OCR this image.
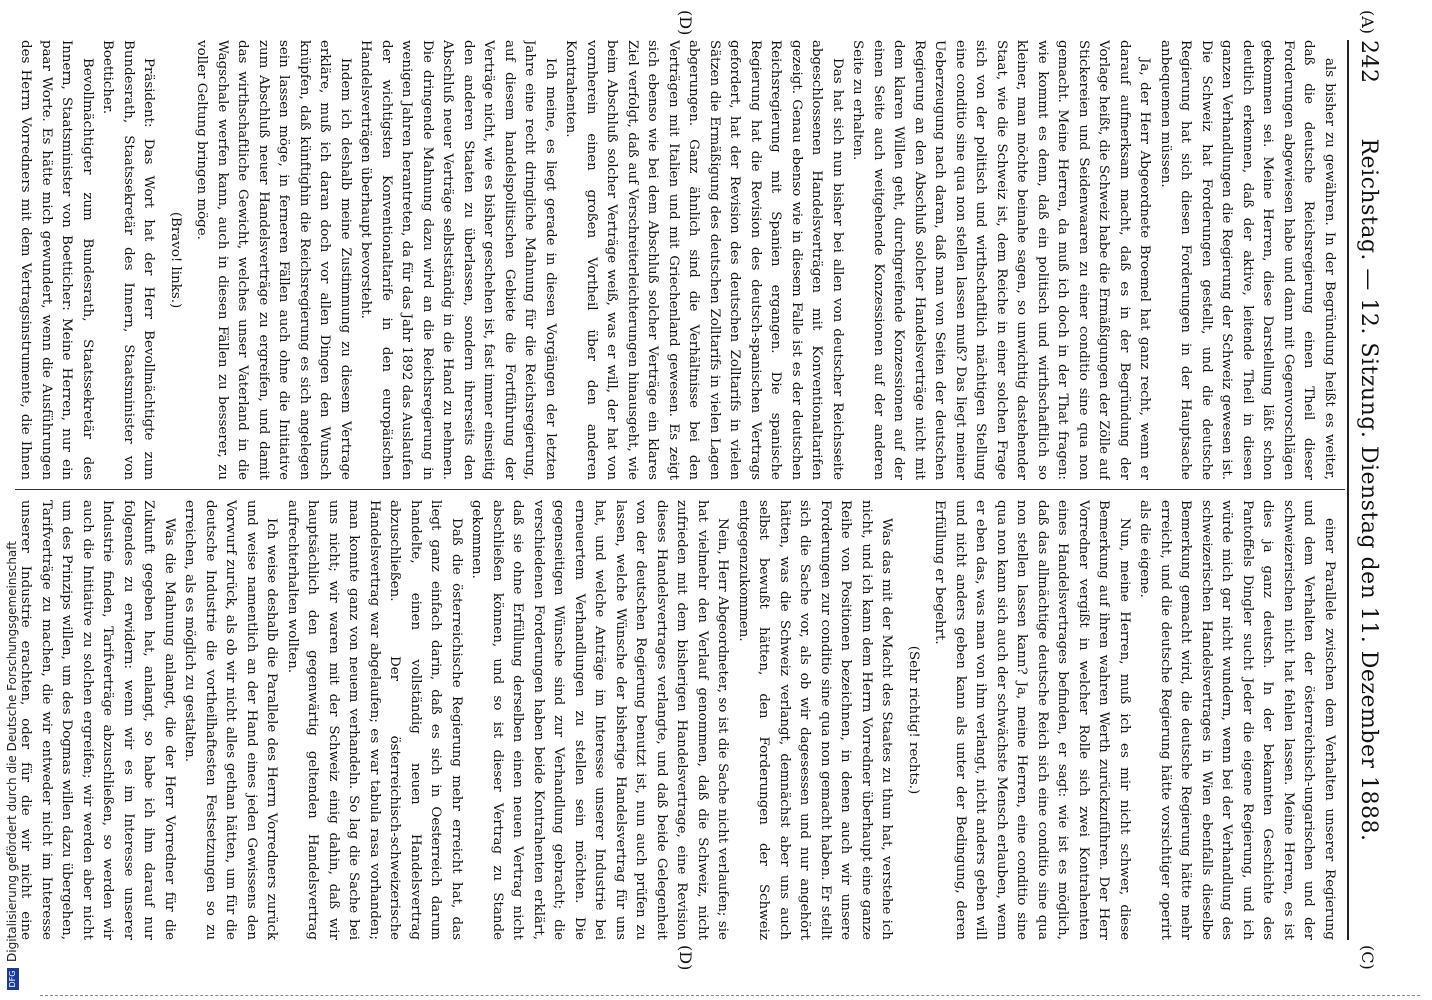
242
Reichstag. — 12. Sitzung. Dienstag den 11. Dezember 1888.
(A)
(C)
(D)
(D)

als bisher zu gewähren. In der Begründung heißt es weiter, daß die deutsche Reichsregierung einen Theil dieser Forderungen abgewiesen habe und dann mit Gegenvorschlägen gekommen sei. Meine Herren, diese Darstellung läßt schon deutlich erkennen, daß der aktive, leitende Theil in diesen ganzen Verhandlungen die Regierung der Schweiz gewesen ist. Die Schweiz hat Forderungen gestellt, und die deutsche Regierung hat sich diesen Forderungen in der Hauptsache anbequemen müssen.

Ja, der Herr Abgeordnete Broemel hat ganz recht, wenn er darauf aufmerksam macht, daß es in der Begründung der Vorlage heißt, die Schweiz habe die Ermäßigungen der Zölle auf Stickereien und Seidenwaaren zu einer conditio sine qua non gemacht. Meine Herren, da muß ich doch in der That fragen: wie kommt es denn, daß ein politisch und wirthschaftlich so kleiner, man möchte beinahe sagen, so unwichtig dastehender Staat, wie die Schweiz ist, dem Reiche in einer solchen Frage sich von der politisch und wirthschaftlich mächtigen Stellung eine conditio sine qua non stellen lassen muß? Das liegt meiner Ueberzeugung nach daran, daß man von Seiten der deutschen Regierung an den Abschluß solcher Handelsverträge nicht mit dem klaren Willen geht, durchgreifende Konzessionen auf der einen Seite auch weitgehende Konzessionen auf der anderen Seite zu erhalten.

Das hat sich nun bisher bei allen von deutscher Reichsseite abgeschlossenen Handelsverträgen mit Konventionaltarifen gezeigt. Genau ebenso wie in diesem Falle ist es der deutschen Reichsregierung mit Spanien ergangen. Die spanische Regierung hat die Revision des deutsch-spanischen Vertrags gefordert, hat der Revision des deutschen Zolltarifs in vielen Sätzen die Ermäßigung des deutschen Zolltarifs in vielen Lagen abgerungen. Ganz ähnlich sind die Verhältnisse bei den Verträgen mit Italien und mit Griechenland gewesen. Es zeigt sich ebenso wie bei dem Abschluß solcher Verträge ein klares Ziel verfolgt, daß auf Verschreiterleichterungen hinausgeht, wie beim Abschluß solcher Verträge weiß, was er will, der hat von vornherein einen großen Vortheil über den anderen Kontrahenten.

Ich meine, es liegt gerade in diesen Vorgängen der letzten Jahre eine recht dringliche Mahnung für die Reichsregierung, auf diesem handelspolitischen Gebiete die Fortführung der Verträge nicht, wie es bisher geschehen ist, fast immer einseitig den anderen Staaten zu überlassen, sondern ihrerseits den Abschluß neuer Verträge selbstständig in die Hand zu nehmen. Die dringende Mahnung dazu wird an die Reichsregierung in wenigen Jahren herantreten, da für das Jahr 1892 das Auslaufen der wichtigsten Konventionaltarife in den europäischen Handelsverträgen überhaupt bevorsteht.

Indem ich deshalb meine Zustimmung zu diesem Vertrage erkläre, muß ich daran doch vor allen Dingen den Wunsch knüpfen, daß künftighin die Reichsregierung es sich angelegen sein lassen möge, in ferneren Fällen auch ohne die Initiative zum Abschluß neuer Handelsverträge zu ergreifen, und damit das wirthschaftliche Gewicht, welches unser Vaterland in die Wagschale werfen kann, auch in diesen Fällen zu besserer, zu voller Geltung bringen möge.

(Bravo! links.)

Präsident: Das Wort hat der Herr Bevollmächtigte zum Bundesrath, Staatssekretär des Innern, Staatsminister von Boetticher.

Bevollmächtigter zum Bundesrath, Staatssekretär des Innern, Staatsminister von Boetticher: Meine Herren, nur ein paar Worte. Es hätte mich gewundert, wenn die Ausführungen des Herrn Vorredners mit dem Vertragsinstrumente, die Ihnen

einer Parallele zwischen dem Verhalten unserer Regierung und dem Verhalten der österreichisch-ungarischen und der schweizerischen nicht hat fehlen lassen. Meine Herren, es ist dies ja ganz deutsch. In der bekannten Geschichte des Pantoffels Dingler sucht Jeder die eigene Regierung, und ich würde mich gar nicht wundern, wenn bei der Verhandlung des schweizerischen Handelsvertrages in Wien ebenfalls dieselbe Bemerkung gemacht wird, die deutsche Regierung hätte mehr erreicht, und die deutsche Regierung hätte vorsichtiger operirt als die eigene.

Nun, meine Herren, muß ich es mir nicht schwer, diese Bemerkung auf ihren wahren Werth zurückzuführen. Der Herr Vorredner vergißt in welcher Rolle sich zwei Kontrahenten eines Handelsvertrages befinden, er sagt: wie ist es möglich, daß das allmächtige deutsche Reich sich eine conditio sine qua non stellen lassen kann? Ja, meine Herren, eine conditio sine qua non kann sich auch der schwächste Mensch erlauben, wenn er eben das, was man von ihm verlangt, nicht anders geben will und nicht anders geben kann als unter der Bedingung, deren Erfüllung er begehrt.

(Sehr richtig! rechts.)

Was das mit der Macht des Staates zu thun hat, verstehe ich nicht, und ich kann dem Herrn Vorredner überhaupt eine ganze Reihe von Positionen bezeichnen, in denen auch wir unsere Forderungen zur conditio sine qua non gemacht haben. Er stellt sich die Sache vor, als ob wir dagesessen und nur angehört hätten, was die Schweiz verlangt, demnächst aber uns auch selbst bewußt hätten, den Forderungen der Schweiz entgegenzukommen.

Nein, Herr Abgeordneter, so ist die Sache nicht verlaufen; sie hat vielmehr den Verlauf genommen, daß die Schweiz, nicht zufrieden mit dem bisherigen Handelsvertrage, eine Revision dieses Handelsvertrages verlangte, und daß beide Gelegenheit von der deutschen Regierung benutzt ist, nun auch prüfen zu lassen, welche Wünsche der bisherige Handelsvertrag für uns hat, und welche Anträge im Interesse unserer Industrie bei erneuertem Verhandlungen zu stellen sein möchten. Die gegenseitigen Wünsche sind zur Verhandlung gebracht; die verschiedenen Forderungen haben beide Kontrahenten erklärt, daß sie ohne Erfüllung derselben einen neuen Vertrag nicht abschließen können, und so ist dieser Vertrag zu Stande gekommen.

Daß die österreichische Regierung mehr erreicht hat, das liegt ganz einfach darin, daß es sich in Oesterreich darum handelte, einen vollständig neuen Handelsvertrag abzuschließen. Der österreichisch-schweizerische Handelsvertrag war abgelaufen; es war tabula rasa vorhanden; man konnte ganz von neuem verhandeln. So lag die Sache bei uns nicht; wir waren mit der Schweiz einig dahin, daß wir hauptsächlich den gegenwärtig geltenden Handelsvertrag aufrechterhalten wollten.

Ich weise deshalb die Parallele des Herrn Vorredners zurück und weise namentlich an der Hand eines jeden Gewissens den Vorwurf zurück, als ob wir nicht alles gethan hätten, um für die deutsche Industrie die vortheilhaftesten Festsetzungen so zu erreichen, als es möglich zu gestalten.

Was die Mahnung anlangt, die der Herr Vorredner für die Zukunft gegeben hat, anlangt, so habe ich ihm darauf nur folgendes zu erwidern: wenn wir es im Interesse unserer Industrie finden, Tarifverträge abzuschließen, so werden wir auch die Initiative zu solchen ergreifen; wir werden aber nicht um des Prinzips willen, um des Dogmas willen dazu übergehen, Tarifverträge zu machen, die wir entweder nicht im Interesse unserer Industrie erachten, oder für die wir nicht eine

DFGDigitalisierung gefördert durch die Deutsche Forschungsgemeinschaft
